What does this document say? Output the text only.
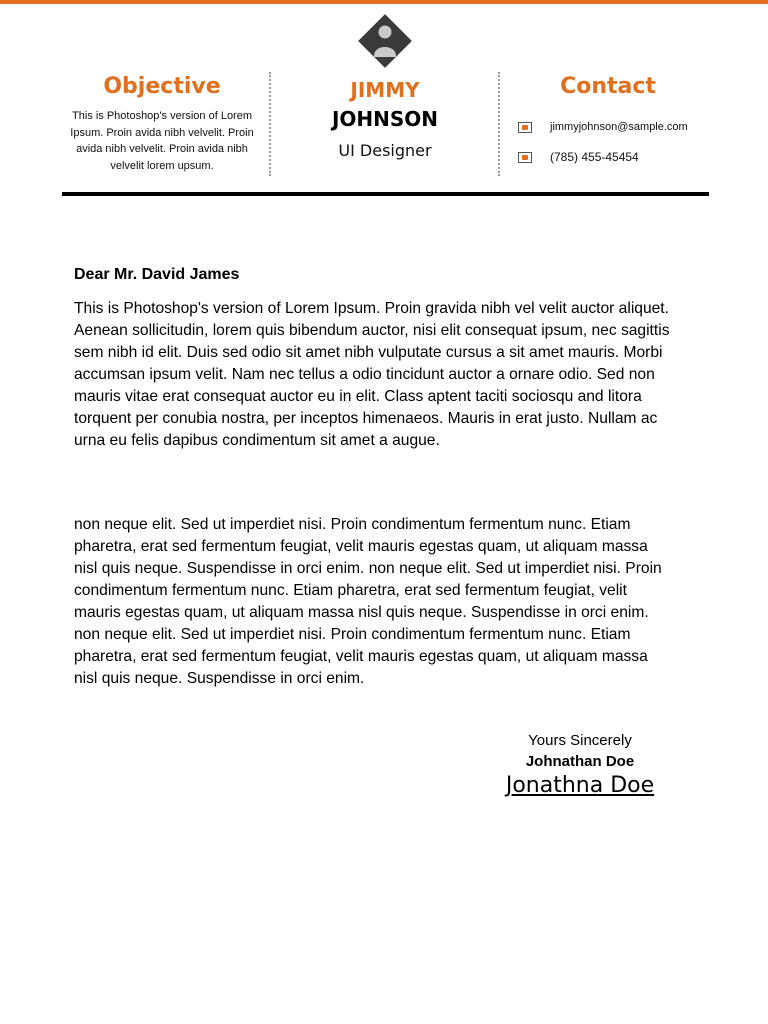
Objective
This is Photoshop's version of Lorem Ipsum. Proin avida nibh velvelit. Proin avida nibh velvelit. Proin avida nibh velvelit lorem upsum.
JIMMY
JOHNSON
UI Designer
Contact
jimmyjohnson@sample.com
(785) 455-45454

Dear Mr. David James

This is Photoshop's version of Lorem Ipsum. Proin gravida nibh vel velit auctor aliquet. Aenean sollicitudin, lorem quis bibendum auctor, nisi elit consequat ipsum, nec sagittis sem nibh id elit. Duis sed odio sit amet nibh vulputate cursus a sit amet mauris. Morbi accumsan ipsum velit. Nam nec tellus a odio tincidunt auctor a ornare odio. Sed non mauris vitae erat consequat auctor eu in elit. Class aptent taciti sociosqu and litora torquent per conubia nostra, per inceptos himenaeos. Mauris in erat justo. Nullam ac urna eu felis dapibus condimentum sit amet a augue.

non neque elit. Sed ut imperdiet nisi. Proin condimentum fermentum nunc. Etiam pharetra, erat sed fermentum feugiat, velit mauris egestas quam, ut aliquam massa nisl quis neque. Suspendisse in orci enim. non neque elit. Sed ut imperdiet nisi. Proin condimentum fermentum nunc. Etiam pharetra, erat sed fermentum feugiat, velit mauris egestas quam, ut aliquam massa nisl quis neque. Suspendisse in orci enim. non neque elit. Sed ut imperdiet nisi. Proin condimentum fermentum nunc. Etiam pharetra, erat sed fermentum feugiat, velit mauris egestas quam, ut aliquam massa nisl quis neque. Suspendisse in orci enim.

Yours Sincerely
Johnathan Doe
Jonathna Doe
